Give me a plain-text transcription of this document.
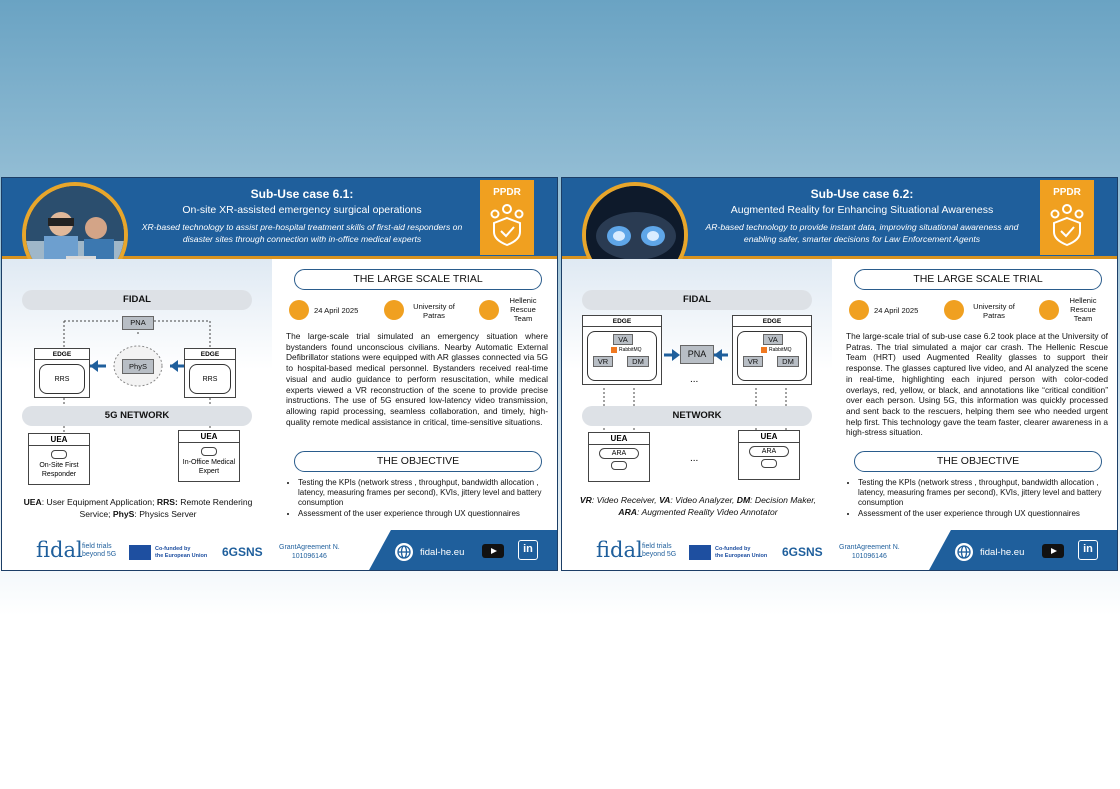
Sub-Use case 6.1:
On-site XR-assisted emergency surgical operations
XR-based technology to assist pre-hospital treatment skills of first-aid responders on disaster sites through connection with in-office medical experts
PPDR

FIDAL
PNA
PhyS
EDGE
RRS
EDGE
RRS
5G NETWORK
UEA
On-Site First Responder
UEA
In-Office Medical Expert
UEA: User Equipment Application; RRS: Remote Rendering Service; PhyS: Physics Server
THE LARGE SCALE TRIAL
24 April 2025	University of Patras
Hellenic Rescue Team
The large-scale trial simulated an emergency situation where bystanders found unconscious civilians. Nearby Automatic External Defibrillator stations were equipped with AR glasses connected via 5G to hospital-based medical personnel. Bystanders received real-time visual and audio guidance to perform resuscitation, while medical experts viewed a VR reconstruction of the scene to provide precise instructions. The use of 5G ensured low-latency video transmission, allowing rapid processing, seamless collaboration, and timely, high-quality remote medical assistance in critical, time-sensitive situations.
THE OBJECTIVE
• Testing the KPIs (network stress , throughput, bandwidth allocation , latency, measuring frames per second), KVIs, jittery level and battery consumption
• Assessment of the user experience through UX questionnaires
fidal field trials
beyond 5G
Co-funded by
the European Union 6GSNS GrantAgreement N.
101096146	fidal-he.eu	in
Sub-Use case 6.2:
Augmented Reality for Enhancing Situational Awareness
AR-based technology to provide instant data, improving situational awareness and enabling safer, smarter decisions for Law Enforcement Agents
PPDR

FIDAL
EDGE
VA
RabbitMQ
VR	DM
PNA
...
EDGE
VA
RabbitMQ
VR	DM
NETWORK
UEA
ARA	...
UEA
ARA
VR: Video Receiver, VA: Video Analyzer, DM: Decision Maker, ARA: Augmented Reality Video Annotator
THE LARGE SCALE TRIAL
24 April 2025	University of Patras
Hellenic Rescue Team
The large-scale trial of sub-use case 6.2 took place at the University of Patras. The trial simulated a major car crash. The Hellenic Rescue Team (HRT) used Augmented Reality glasses to support their response. The glasses captured live video, and AI analyzed the scene in real-time, highlighting each injured person with color-coded overlays, red, yellow, or black, and annotations like “critical condition” over each person. Using 5G, this information was quickly processed and sent back to the rescuers, helping them see who needed urgent help first. This technology gave the team faster, clearer awareness in a high-stress situation.
THE OBJECTIVE
• Testing the KPIs (network stress , throughput, bandwidth allocation , latency, measuring frames per second), KVIs, jittery level and battery consumption
• Assessment of the user experience through UX questionnaires
fidal field trials
beyond 5G
Co-funded by
the European Union 6GSNS GrantAgreement N.
101096146	fidal-he.eu	in
